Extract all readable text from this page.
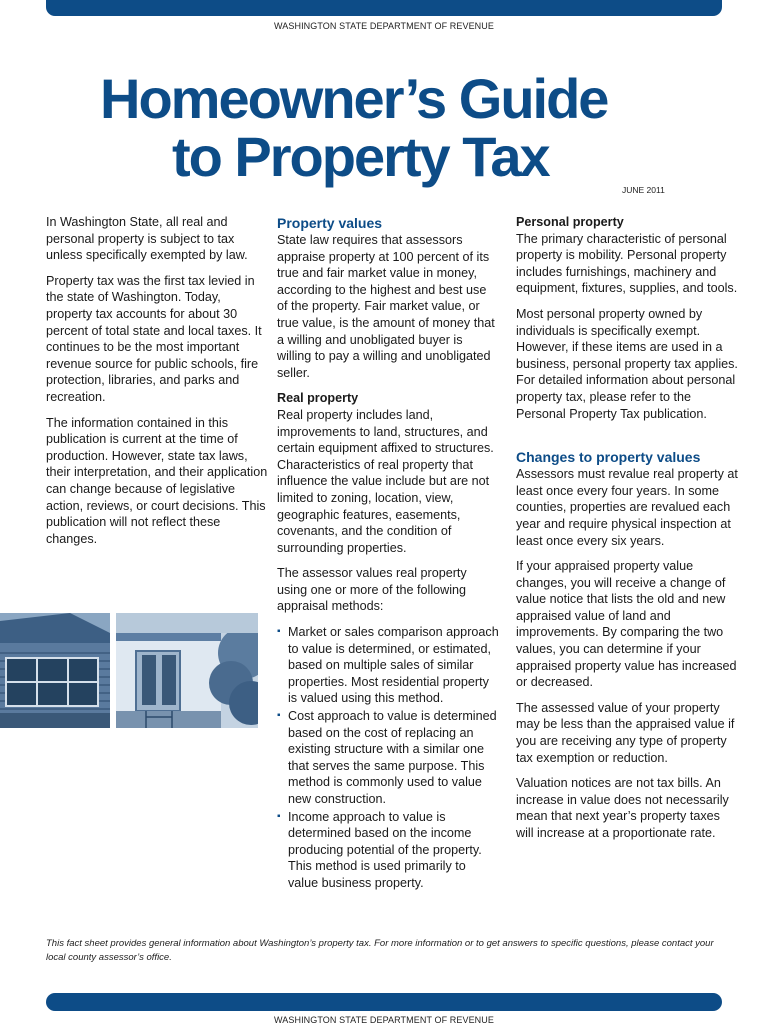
WASHINGTON STATE DEPARTMENT OF REVENUE
Homeowner’s Guide
to Property Tax
JUNE 2011

In Washington State, all real and personal property is subject to tax unless specifically exempted by law.

Property tax was the first tax levied in the state of Washington. Today, property tax accounts for about 30 percent of total state and local taxes. It continues to be the most important revenue source for public schools, fire protection, libraries, and parks and recreation.

The information contained in this publication is current at the time of production. However, state tax laws, their interpretation, and their application can change because of legislative action, reviews, or court decisions. This publication will not reflect these changes.

Property values

State law requires that assessors appraise property at 100 percent of its true and fair market value in money, according to the highest and best use of the property. Fair market value, or true value, is the amount of money that a willing and unobligated buyer is willing to pay a willing and unobligated seller.

Real property

Real property includes land, improvements to land, structures, and certain equipment affixed to structures. Characteristics of real property that influence the value include but are not limited to zoning, location, view, geographic features, easements, covenants, and the condition of surrounding properties.

The assessor values real property using one or more of the following appraisal methods:

▪ Market or sales comparison approach to value is determined, or estimated, based on multiple sales of similar properties. Most residential property is valued using this method.
▪ Cost approach to value is determined based on the cost of replacing an existing structure with a similar one that serves the same purpose. This method is commonly used to value new construction.
▪ Income approach to value is determined based on the income producing potential of the property. This method is used primarily to value business property.
Personal property

The primary characteristic of personal property is mobility. Personal property includes furnishings, machinery and equipment, fixtures, supplies, and tools.

Most personal property owned by individuals is specifically exempt. However, if these items are used in a business, personal property tax applies. For detailed information about personal property tax, please refer to the Personal Property Tax publication.

Changes to property values

Assessors must revalue real property at least once every four years. In some counties, properties are revalued each year and require physical inspection at least once every six years.

If your appraised property value changes, you will receive a change of value notice that lists the old and new appraised value of land and improvements. By comparing the two values, you can determine if your appraised property value has increased or decreased.

The assessed value of your property may be less than the appraised value if you are receiving any type of property tax exemption or reduction.

Valuation notices are not tax bills. An increase in value does not necessarily mean that next year’s property taxes will increase at a proportionate rate.

This fact sheet provides general information about Washington’s property tax. For more information or to get answers to specific questions, please contact your local county assessor’s office.
WASHINGTON STATE DEPARTMENT OF REVENUE
